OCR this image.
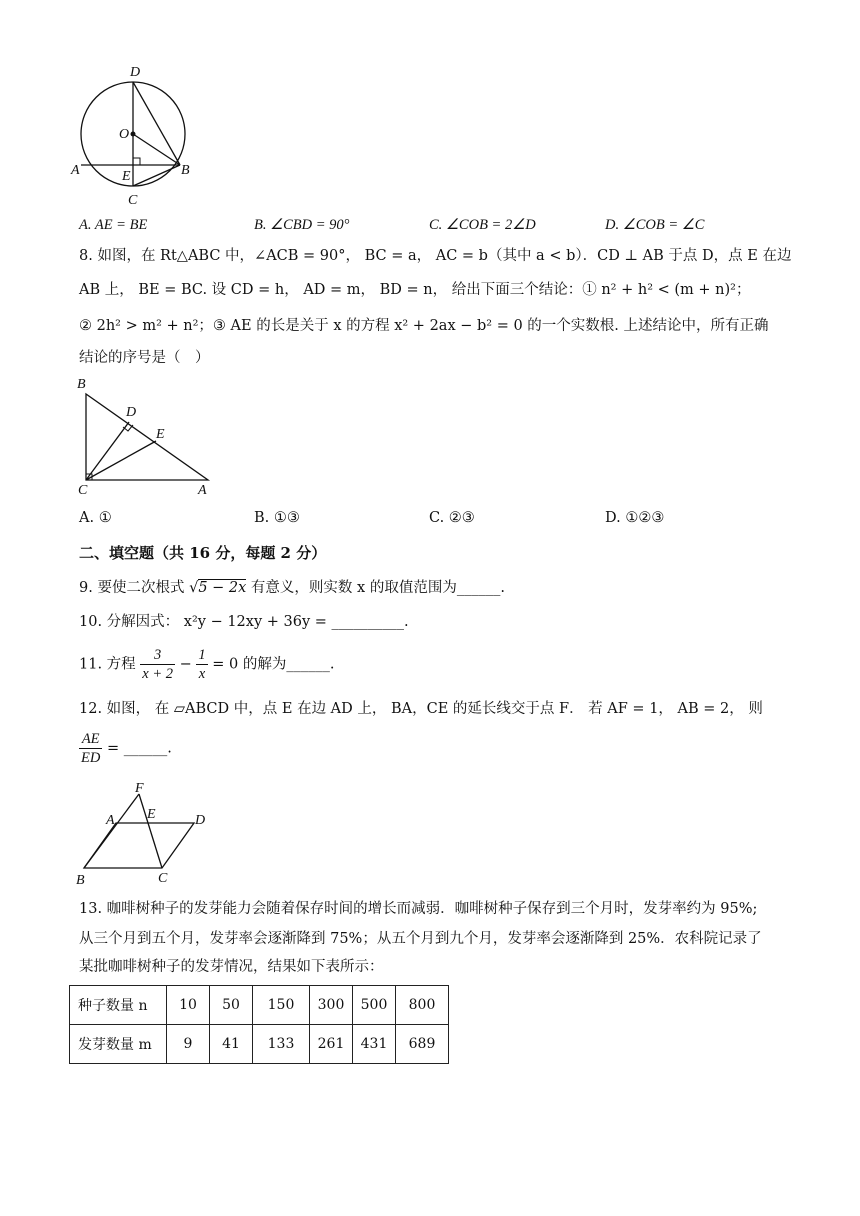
D
O
A	E	B
C
A. AE = BE	B. ∠CBD = 90°	C. ∠COB = 2∠D	D. ∠COB = ∠C
8. 如图，在 Rt△ABC 中，∠ACB = 90°， BC = a， AC = b（其中 a < b）．CD ⊥ AB 于点 D，点 E 在边
AB 上， BE = BC. 设 CD = h， AD = m， BD = n， 给出下面三个结论：① n² + h² < (m + n)²；
② 2h² > m² + n²；③ AE 的长是关于 x 的方程 x² + 2ax − b² = 0 的一个实数根. 上述结论中，所有正确
结论的序号是（　）
B
D
E
C	A
A. ①	B. ①③	C. ②③	D. ①②③
二、填空题（共 16 分，每题 2 分）
9. 要使二次根式 √5 − 2x 有意义，则实数 x 的取值范围为______.
10. 分解因式： x²y − 12xy + 36y = __________.
11. 方程 $\frac{3}{x + 2} - \frac{1}{x} = 0$ 的解为______.
12. 如图， 在 ▱ABCD 中，点 E 在边 AD 上， BA，CE 的延长线交于点 F． 若 AF = 1， AB = 2， 则
$\frac{AE}{ED}$ = ______.
F
A E	D
B	C
13. 咖啡树种子的发芽能力会随着保存时间的增长而减弱．咖啡树种子保存到三个月时，发芽率约为 95%;
从三个月到五个月，发芽率会逐渐降到 75%；从五个月到九个月，发芽率会逐渐降到 25%．农科院记录了
某批咖啡树种子的发芽情况，结果如下表所示：
种子数量 n	10	50	150	300	500	800
发芽数量 m	9	41	133	261	431	689
